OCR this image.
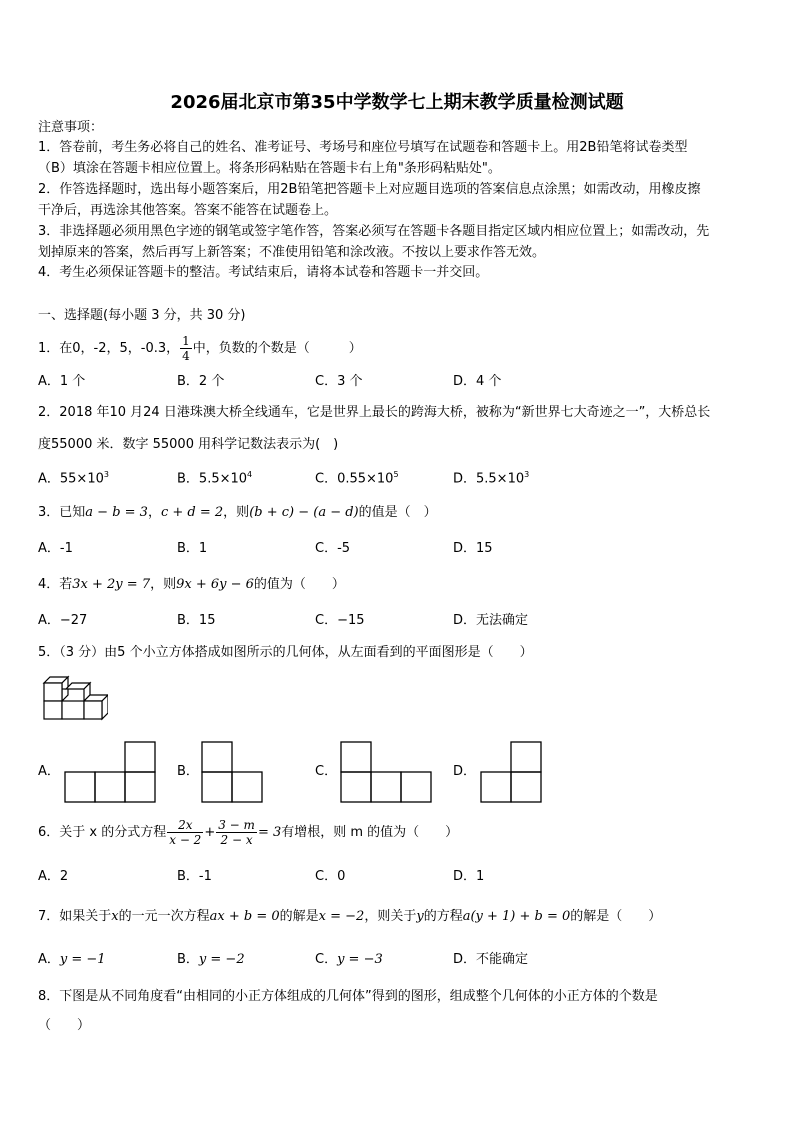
2026届北京市第35中学数学七上期末教学质量检测试题
注意事项：
1．答卷前，考生务必将自己的姓名、准考证号、考场号和座位号填写在试题卷和答题卡上。用2B铅笔将试卷类型
（B）填涂在答题卡相应位置上。将条形码粘贴在答题卡右上角"条形码粘贴处"。
2．作答选择题时，选出每小题答案后，用2B铅笔把答题卡上对应题目选项的答案信息点涂黑；如需改动，用橡皮擦
干净后，再选涂其他答案。答案不能答在试题卷上。
3．非选择题必须用黑色字迹的钢笔或签字笔作答，答案必须写在答题卡各题目指定区域内相应位置上；如需改动，先
划掉原来的答案，然后再写上新答案；不准使用铅笔和涂改液。不按以上要求作答无效。
4．考生必须保证答题卡的整洁。考试结束后，请将本试卷和答题卡一并交回。
一、选择题(每小题 3 分，共 30 分)
1．在0，-2，5，-0.3， $\frac{1}{4}$ 中，负数的个数是（　　　）
A．1 个	B．2 个	C．3 个	D．4 个
2．2018 年10 月24 日港珠澳大桥全线通车，它是世界上最长的跨海大桥，被称为“新世界七大奇迹之一”，大桥总长
度55000 米．数字 55000 用科学记数法表示为(　)
A．$55\times 10^3$	B．$5.5\times 10^4$	C．$0.55\times 10^5$	D．$5.5\times 10^3$
3．已知a − b = 3，c + d = 2，则(b + c) − (a − d)的值是（　）
A．-1	B．1	C．-5	D．15
4．若3x + 2y = 7，则9x + 6y − 6的值为（　　）
A．−27	B．15	C．−15	D．无法确定
5．（3 分）由5 个小立方体搭成如图所示的几何体，从左面看到的平面图形是（　　）
A．	B．	C．	D．
6．关于 x 的分式方程 $\frac{2x}{x - 2} + \frac{3 - m}{2 - x} = 3$有增根，则 m 的值为（　　）
A．2	B．-1	C．0	D．1
7．如果关于x的一元一次方程ax + b = 0的解是x = −2，则关于y的方程a(y + 1) + b = 0的解是（　　）
A．y = −1	B．y = −2	C．y = −3	D．不能确定
8．下图是从不同角度看“由相同的小正方体组成的几何体”得到的图形，组成整个几何体的小正方体的个数是
（　　）
